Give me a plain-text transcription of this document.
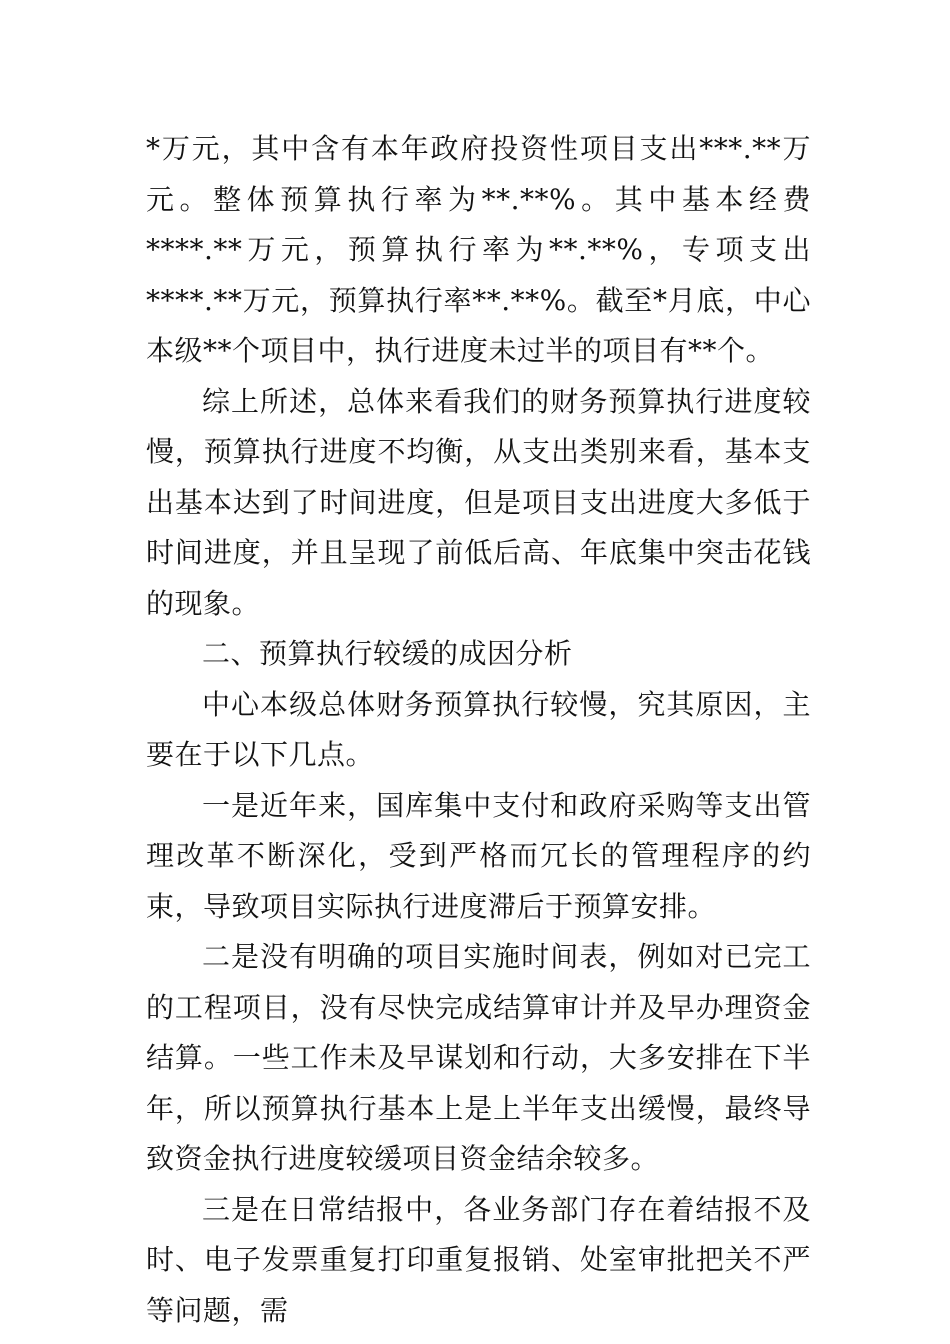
*万元，其中含有本年政府投资性项目支出***.**万元。整体预算执行率为**.**%。其中基本经费****.**万元，预算执行率为**.**%，专项支出****.**万元，预算执行率**.**%。截至*月底，中心本级**个项目中，执行进度未过半的项目有**个。

综上所述，总体来看我们的财务预算执行进度较慢，预算执行进度不均衡，从支出类别来看，基本支出基本达到了时间进度，但是项目支出进度大多低于时间进度，并且呈现了前低后高、年底集中突击花钱的现象。

二、预算执行较缓的成因分析

中心本级总体财务预算执行较慢，究其原因，主要在于以下几点。

一是近年来，国库集中支付和政府采购等支出管理改革不断深化，受到严格而冗长的管理程序的约束，导致项目实际执行进度滞后于预算安排。

二是没有明确的项目实施时间表，例如对已完工的工程项目，没有尽快完成结算审计并及早办理资金结算。一些工作未及早谋划和行动，大多安排在下半年，所以预算执行基本上是上半年支出缓慢，最终导致资金执行进度较缓项目资金结余较多。

三是在日常结报中，各业务部门存在着结报不及时、电子发票重复打印重复报销、处室审批把关不严等问题，需
